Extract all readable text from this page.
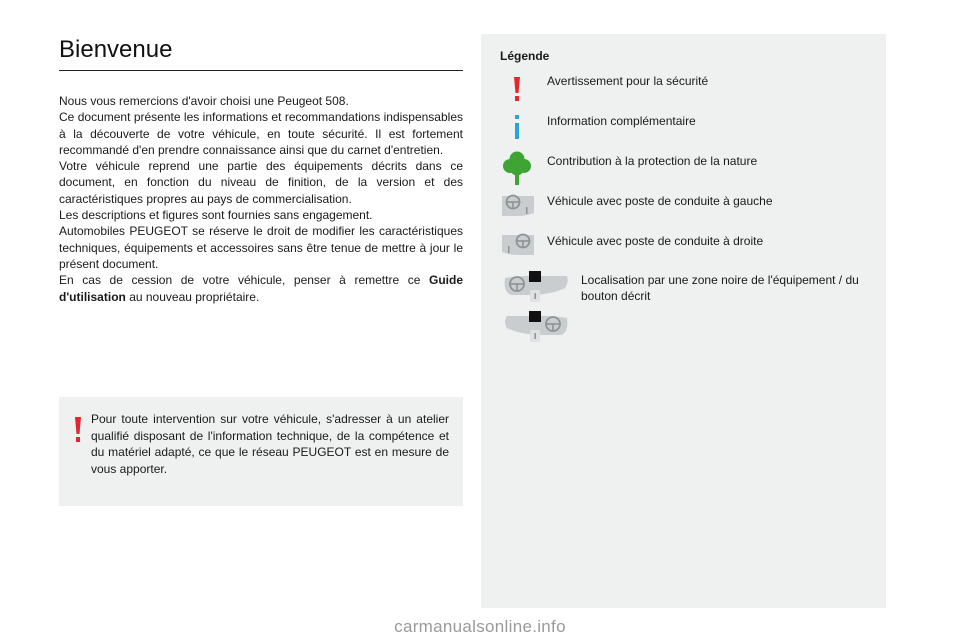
Bienvenue

Nous vous remercions d'avoir choisi une Peugeot 508.

Ce document présente les informations et recommandations indispensables à la découverte de votre véhicule, en toute sécurité. Il est fortement recommandé d'en prendre connaissance ainsi que du carnet d'entretien.

Votre véhicule reprend une partie des équipements décrits dans ce document, en fonction du niveau de finition, de la version et des caractéristiques propres au pays de commercialisation.

Les descriptions et figures sont fournies sans engagement.

Automobiles PEUGEOT se réserve le droit de modifier les caractéristiques techniques, équipements et accessoires sans être tenue de mettre à jour le présent document.

En cas de cession de votre véhicule, penser à remettre ce Guide d'utilisation au nouveau propriétaire.

Pour toute intervention sur votre véhicule, s'adresser à un atelier qualifié disposant de l'information technique, de la compétence et du matériel adapté, ce que le réseau PEUGEOT est en mesure de vous apporter.
Légende
Avertissement pour la sécurité
Information complémentaire
Contribution à la protection de la nature
Véhicule avec poste de conduite à gauche
Véhicule avec poste de conduite à droite
Localisation par une zone noire de l'équipement / du bouton décrit
carmanualsonline.info
